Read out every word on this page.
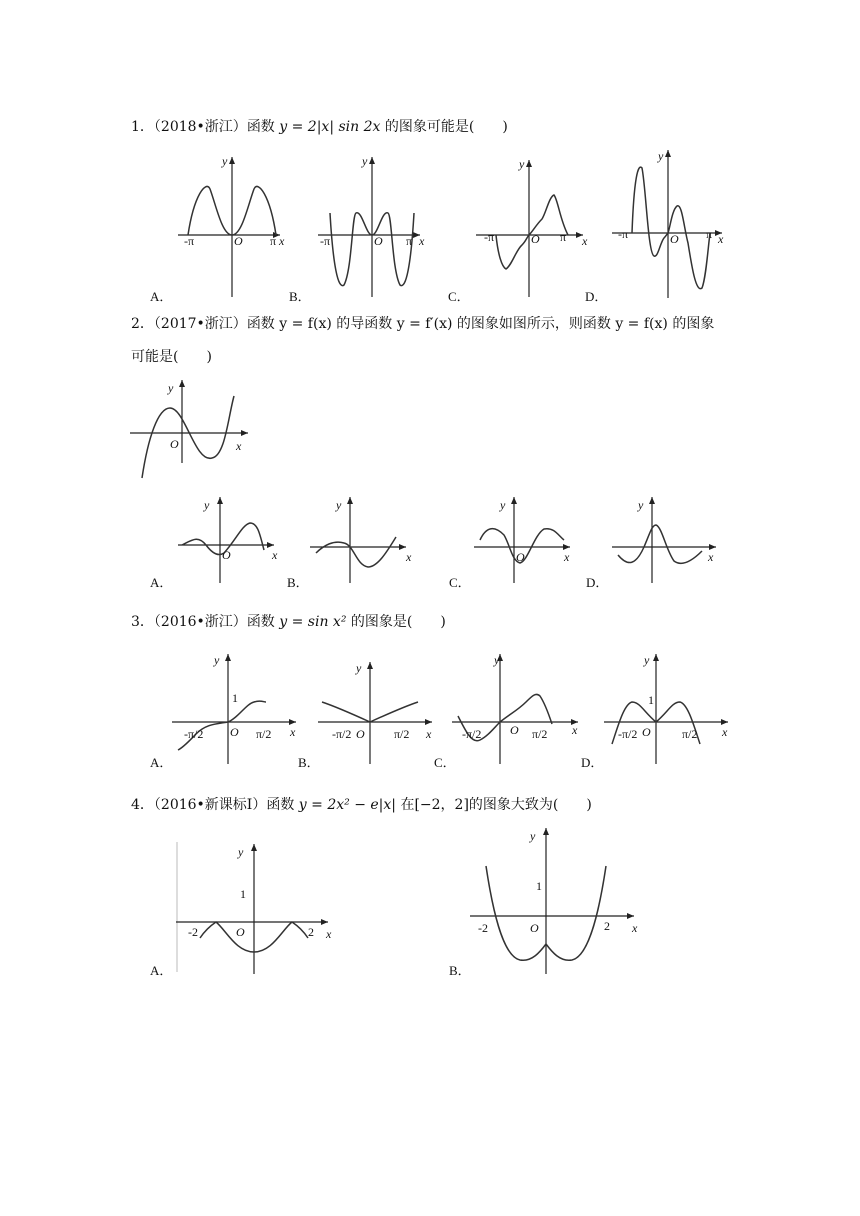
1．（2018•浙江）函数 y = 2|x| sin 2x 的图象可能是(　　)
-π	π
O
y
x	-π	π
O
y
x	-π	π
O
y
x	-π	π
O
y
x
A．	B．	C．	D．
2．（2017•浙江）函数 y = f(x) 的导函数 y = f′(x) 的图象如图所示，则函数 y = f(x) 的图象
可能是(　　)
O
y
x
O
y
x
y
x	O
y
x
y
x
A．	B．	C．	D．
3．（2016•浙江）函数 y = sin x² 的图象是(　　)
-π/2	π/2
1
O
y
x	-π/2	π/2
O
y
x	-π/2	π/2
O
y
x	-π/2	π/2
1
O
y
x
A．	B．	C．	D．
4．（2016•新课标Ⅰ）函数 y = 2x² − e|x| 在[−2，2]的图象大致为(　　)
-2	2
1
O
y
x	-2	2
1
O
y
x
A．	B．
